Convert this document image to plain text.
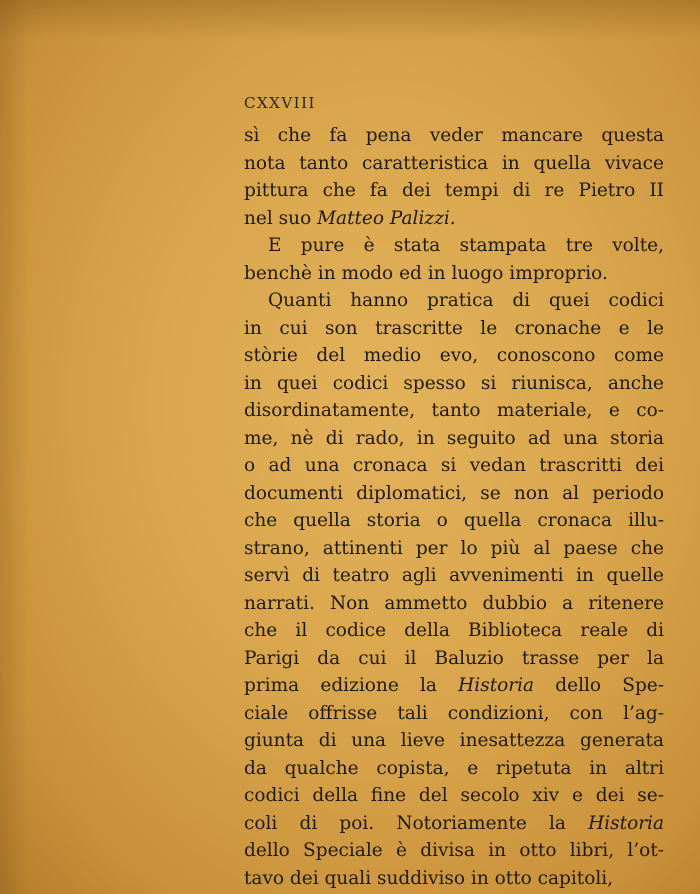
CXXVIII
sì che fa pena veder mancare questa
nota tanto caratteristica in quella vivace
pittura che fa dei tempi di re Pietro II
nel suo Matteo Palizzi.
E pure è stata stampata tre volte,
benchè in modo ed in luogo improprio.
Quanti hanno pratica di quei codici
in cui son trascritte le cronache e le
stòrie del medio evo, conoscono come
in quei codici spesso si riunisca, anche
disordinatamente, tanto materiale, e co-
me, nè di rado, in seguito ad una storia
o ad una cronaca si vedan trascritti dei
documenti diplomatici, se non al periodo
che quella storia o quella cronaca illu-
strano, attinenti per lo più al paese che
servì di teatro agli avvenimenti in quelle
narrati. Non ammetto dubbio a ritenere
che il codice della Biblioteca reale di
Parigi da cui il Baluzio trasse per la
prima edizione la Historia dello Spe-
ciale offrisse tali condizioni, con l’ag-
giunta di una lieve inesattezza generata
da qualche copista, e ripetuta in altri
codici della fine del secolo xiv e dei se-
coli di poi. Notoriamente la Historia
dello Speciale è divisa in otto libri, l’ot-
tavo dei quali suddiviso in otto capitoli,
